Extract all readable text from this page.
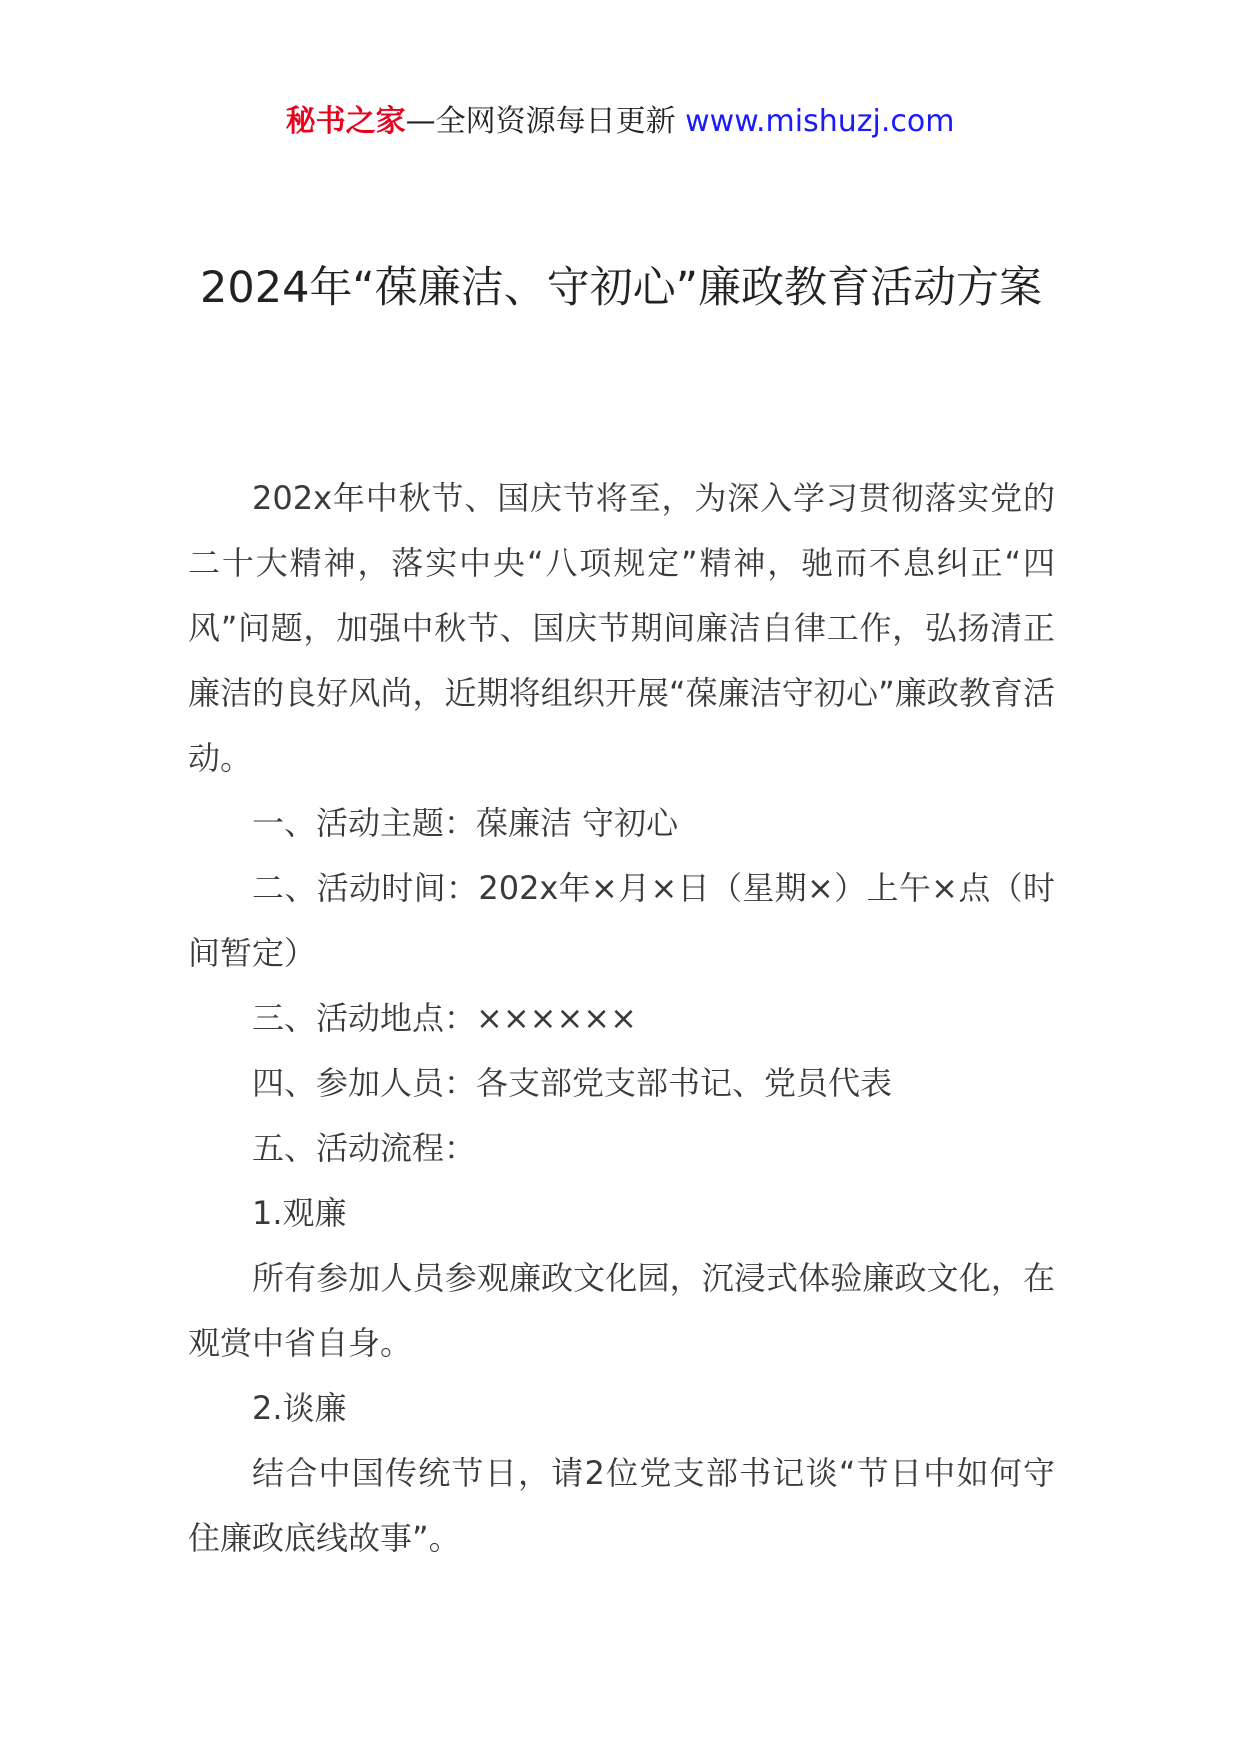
秘书之家—全网资源每日更新 www.mishuzj.com
2024年“葆廉洁、守初心”廉政教育活动方案

202x年中秋节、国庆节将至，为深入学习贯彻落实党的二十大精神，落实中央“八项规定”精神，驰而不息纠正“四风”问题，加强中秋节、国庆节期间廉洁自律工作，弘扬清正廉洁的良好风尚，近期将组织开展“葆廉洁守初心”廉政教育活动。

一、活动主题：葆廉洁 守初心

二、活动时间：202x年×月×日（星期×）上午×点（时间暂定）

三、活动地点：××××××

四、参加人员：各支部党支部书记、党员代表

五、活动流程：

1.观廉

所有参加人员参观廉政文化园，沉浸式体验廉政文化，在观赏中省自身。

2.谈廉

结合中国传统节日，请2位党支部书记谈“节日中如何守住廉政底线故事”。
